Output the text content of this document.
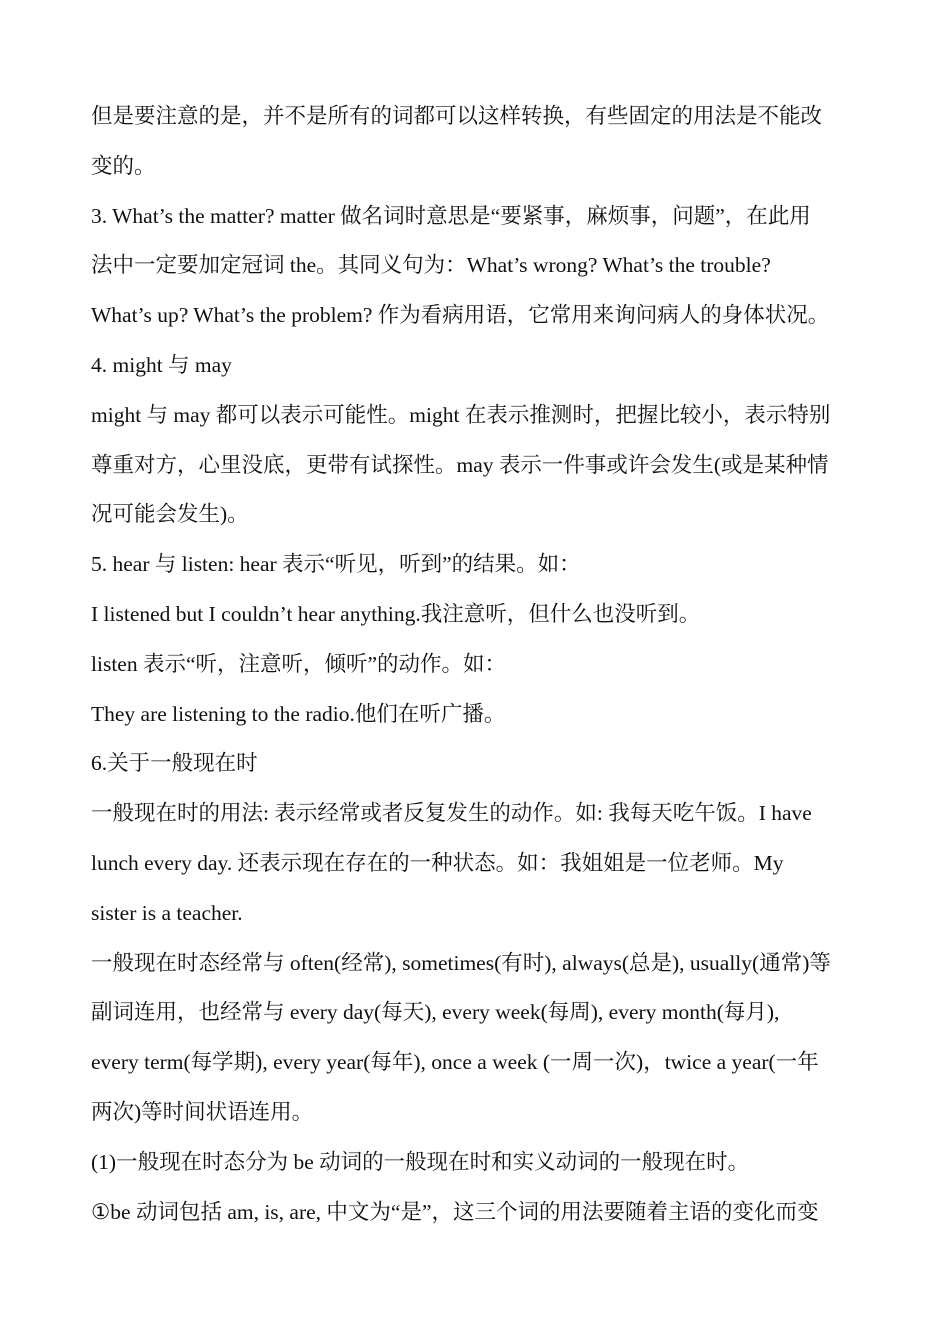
但是要注意的是，并不是所有的词都可以这样转换，有些固定的用法是不能改
变的。
3. What’s the matter? matter 做名词时意思是“要紧事，麻烦事，问题”，在此用
法中一定要加定冠词 the。其同义句为：What’s wrong? What’s the trouble?
What’s up? What’s the problem? 作为看病用语，它常用来询问病人的身体状况。
4. might 与 may
might 与 may 都可以表示可能性。might 在表示推测时，把握比较小，表示特别
尊重对方，心里没底，更带有试探性。may 表示一件事或许会发生(或是某种情
况可能会发生)。
5. hear 与 listen: hear 表示“听见，听到”的结果。如：
I listened but I couldn’t hear anything.我注意听，但什么也没听到。
listen 表示“听，注意听，倾听”的动作。如：
They are listening to the radio.他们在听广播。
6.关于一般现在时
一般现在时的用法: 表示经常或者反复发生的动作。如: 我每天吃午饭。I have
lunch every day. 还表示现在存在的一种状态。如：我姐姐是一位老师。My
sister is a teacher.
一般现在时态经常与 often(经常), sometimes(有时), always(总是), usually(通常)等
副词连用，也经常与 every day(每天), every week(每周), every month(每月),
every term(每学期), every year(每年), once a week (一周一次)，twice a year(一年
两次)等时间状语连用。
(1)一般现在时态分为 be 动词的一般现在时和实义动词的一般现在时。
①be 动词包括 am, is, are, 中文为“是”，这三个词的用法要随着主语的变化而变
